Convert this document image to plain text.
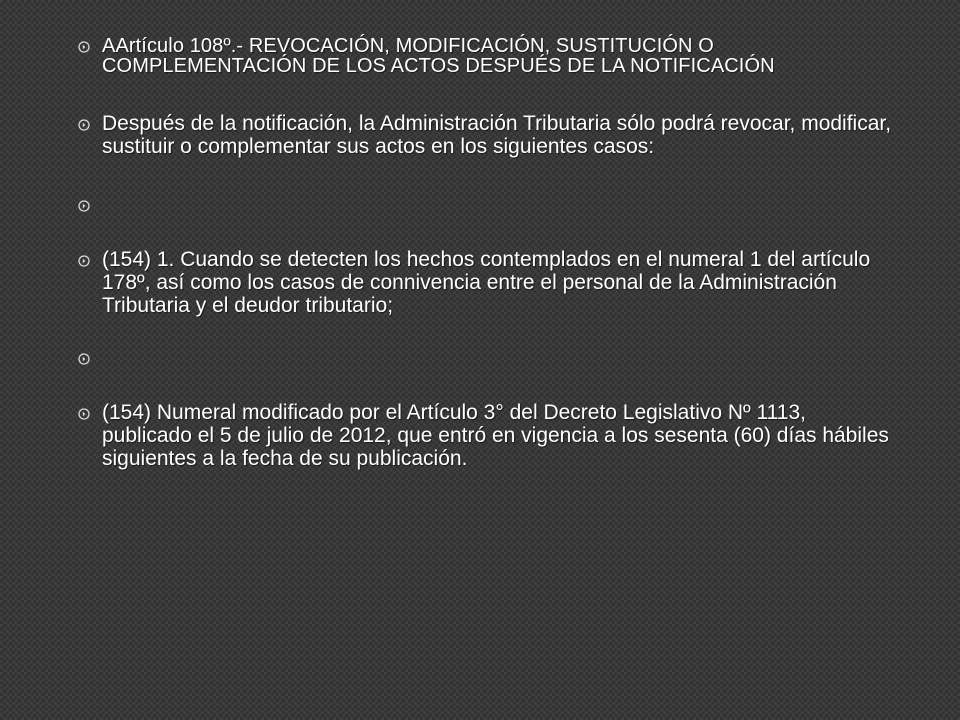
AArtículo 108º.- REVOCACIÓN, MODIFICACIÓN, SUSTITUCIÓN O COMPLEMENTACIÓN DE LOS ACTOS DESPUÉS DE LA NOTIFICACIÓN
Después de la notificación, la Administración Tributaria sólo podrá revocar, modificar, sustituir o complementar sus actos en los siguientes casos:
(154) 1. Cuando se detecten los hechos contemplados en el numeral 1 del artículo 178º, así como los casos de connivencia entre el personal de la Administración Tributaria y el deudor tributario;
(154) Numeral modificado por el Artículo 3° del Decreto Legislativo Nº 1113, publicado el 5 de julio de 2012, que entró en vigencia a los sesenta (60) días hábiles siguientes a la fecha de su publicación.
